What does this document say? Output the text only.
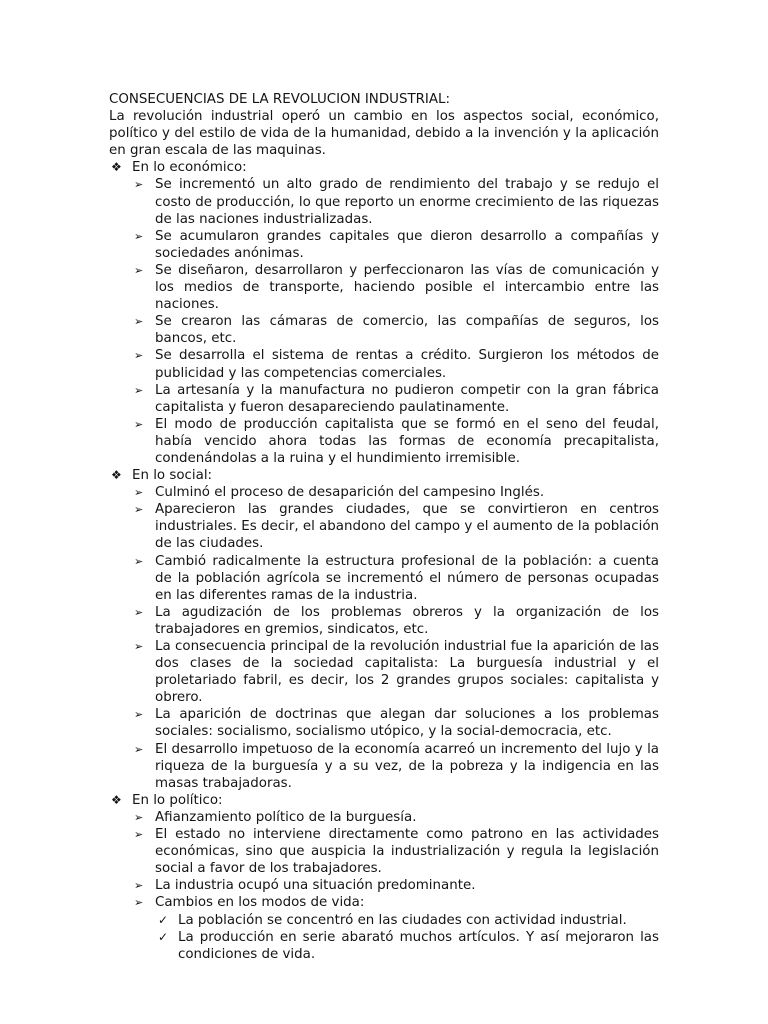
CONSECUENCIAS DE LA REVOLUCION INDUSTRIAL:

La revolución industrial operó un cambio en los aspectos social, económico, político y del estilo de vida de la humanidad, debido a la invención y la aplicación en gran escala de las maquinas.

❖ En lo económico:
➢ Se incrementó un alto grado de rendimiento del trabajo y se redujo el costo de producción, lo que reporto un enorme crecimiento de las riquezas de las naciones industrializadas.
➢ Se acumularon grandes capitales que dieron desarrollo a compañías y sociedades anónimas.
➢ Se diseñaron, desarrollaron y perfeccionaron las vías de comunicación y los medios de transporte, haciendo posible el intercambio entre las naciones.
➢ Se crearon las cámaras de comercio, las compañías de seguros, los bancos, etc.
➢ Se desarrolla el sistema de rentas a crédito. Surgieron los métodos de publicidad y las competencias comerciales.
➢ La artesanía y la manufactura no pudieron competir con la gran fábrica capitalista y fueron desapareciendo paulatinamente.
➢ El modo de producción capitalista que se formó en el seno del feudal, había vencido ahora todas las formas de economía precapitalista, condenándolas a la ruina y el hundimiento irremisible.
❖ En lo social:
➢ Culminó el proceso de desaparición del campesino Inglés.
➢ Aparecieron las grandes ciudades, que se convirtieron en centros industriales. Es decir, el abandono del campo y el aumento de la población de las ciudades.
➢ Cambió radicalmente la estructura profesional de la población: a cuenta de la población agrícola se incrementó el número de personas ocupadas en las diferentes ramas de la industria.
➢ La agudización de los problemas obreros y la organización de los trabajadores en gremios, sindicatos, etc.
➢ La consecuencia principal de la revolución industrial fue la aparición de las dos clases de la sociedad capitalista: La burguesía industrial y el proletariado fabril, es decir, los 2 grandes grupos sociales: capitalista y obrero.
➢ La aparición de doctrinas que alegan dar soluciones a los problemas sociales: socialismo, socialismo utópico, y la social-democracia, etc.
➢ El desarrollo impetuoso de la economía acarreó un incremento del lujo y la riqueza de la burguesía y a su vez, de la pobreza y la indigencia en las masas trabajadoras.
❖ En lo político:
➢ Afianzamiento político de la burguesía.
➢ El estado no interviene directamente como patrono en las actividades económicas, sino que auspicia la industrialización y regula la legislación social a favor de los trabajadores.
➢ La industria ocupó una situación predominante.
➢ Cambios en los modos de vida:
✓ La población se concentró en las ciudades con actividad industrial.
✓ La producción en serie abarató muchos artículos. Y así mejoraron las condiciones de vida.
